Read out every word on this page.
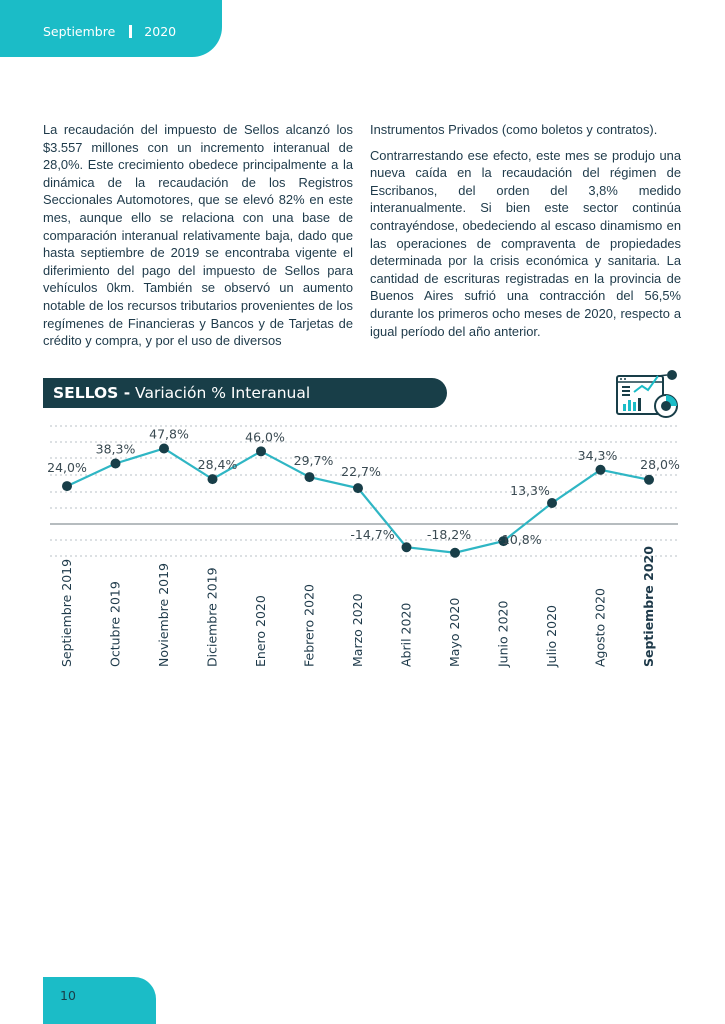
Septiembre 2020

La recaudación del impuesto de Sellos alcanzó los $3.557 millones con un incremento interanual de 28,0%. Este crecimiento obedece principalmente a la dinámica de la recaudación de los Registros Seccionales Automotores, que se elevó 82% en este mes, aunque ello se relaciona con una base de comparación interanual relativamente baja, dado que hasta septiembre de 2019 se encontraba vigente el diferimiento del pago del impuesto de Sellos para vehículos 0km. También se observó un aumento notable de los recursos tributarios provenientes de los regímenes de Financieras y Bancos y de Tarjetas de crédito y compra, y por el uso de diversos

Instrumentos Privados (como boletos y contratos).

Contrarrestando ese efecto, este mes se produjo una nueva caída en la recaudación del régimen de Escribanos, del orden del 3,8% medido interanualmente. Si bien este sector continúa contrayéndose, obedeciendo al escaso dinamismo en las operaciones de compraventa de propiedades determinada por la crisis económica y sanitaria. La cantidad de escrituras registradas en la provincia de Buenos Aires sufrió una contracción del 56,5% durante los primeros ocho meses de 2020, respecto a igual período del año anterior.

SELLOS - Variación % Interanual
24,0%
38,3%
47,8%
28,4%
46,0%
29,7%
22,7%
-14,7%	-18,2% -10,8%
13,3%
34,3%
28,0%
Septiembre 2019	Octubre 2019	Noviembre 2019	Diciembre 2019	Enero 2020	Febrero 2020	Marzo 2020	Abril 2020	Mayo 2020	Junio 2020	Julio 2020	Agosto 2020	Septiembre 2020
10
